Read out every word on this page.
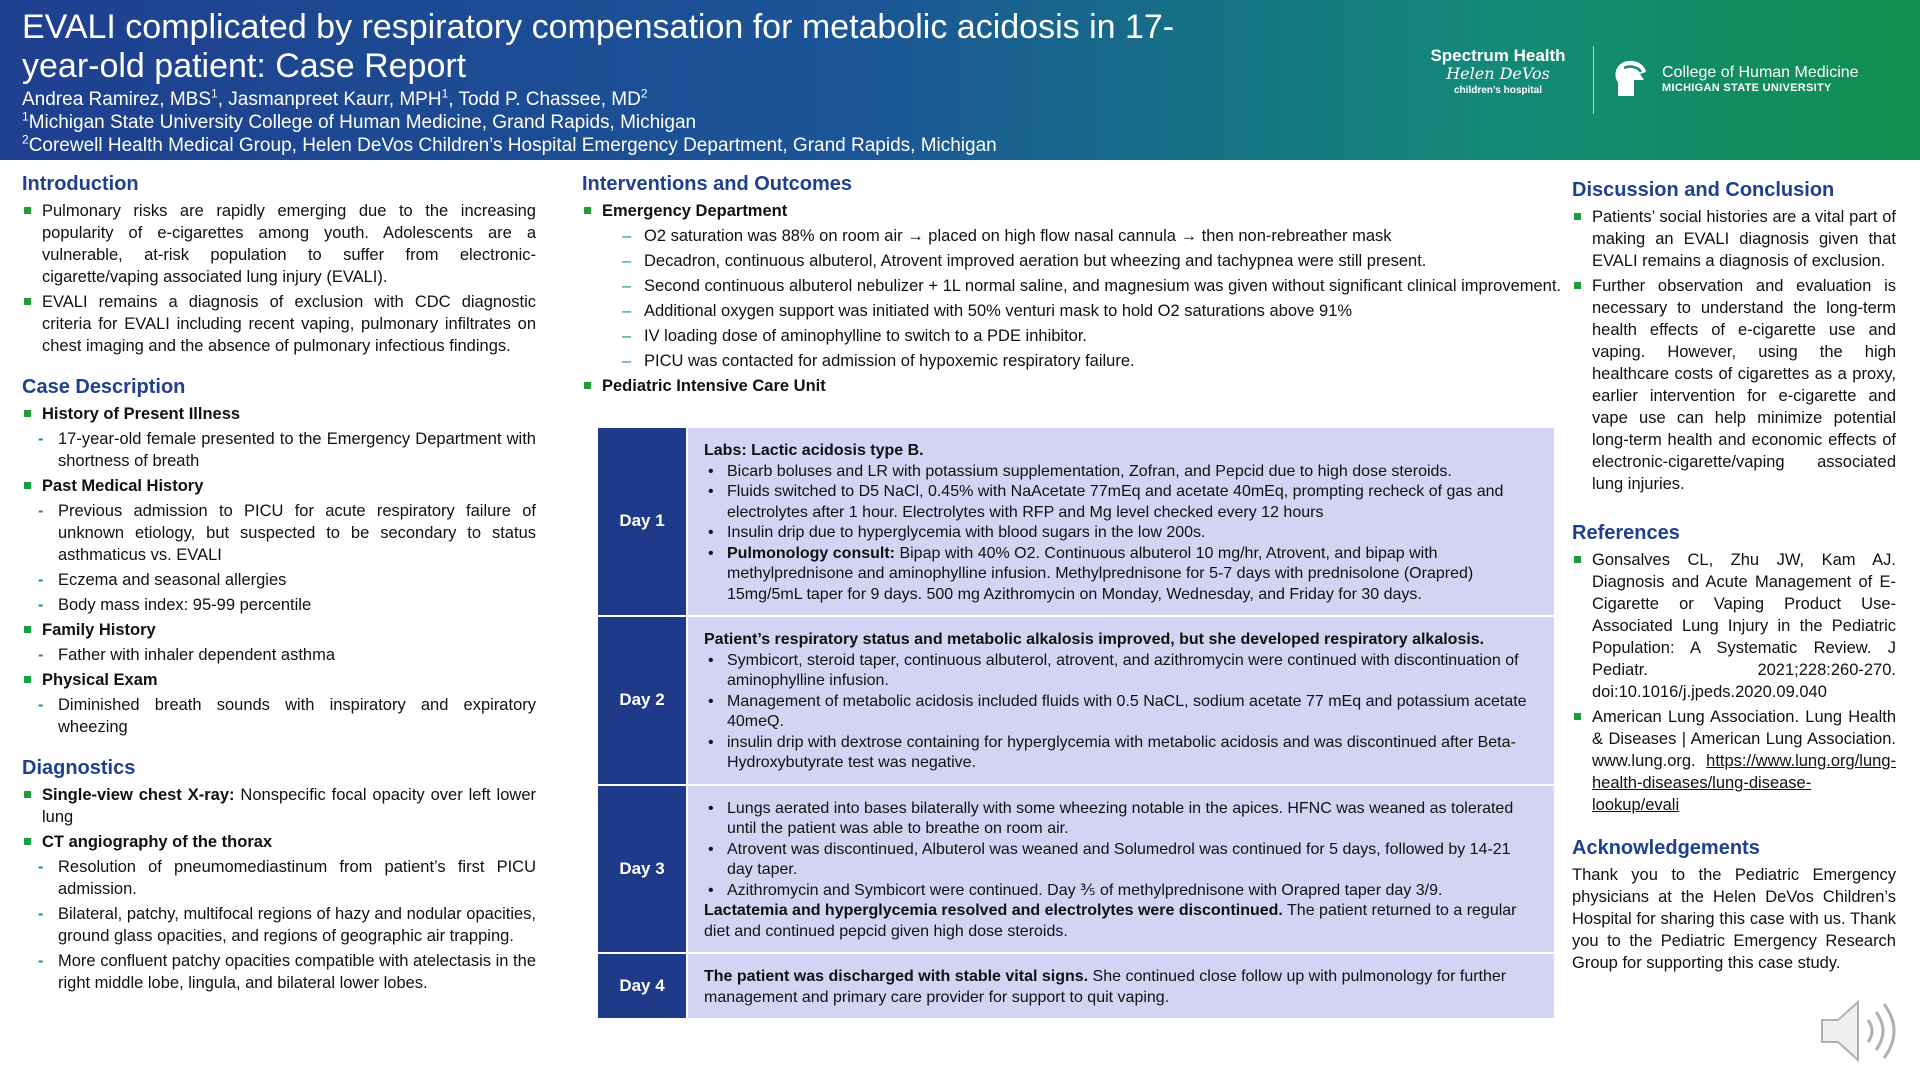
EVALI complicated by respiratory compensation for metabolic acidosis in 17-year-old patient: Case Report
Andrea Ramirez, MBS$^1$, Jasmanpreet Kaurr, MPH$^1$, Todd P. Chassee, $MD^2$
$^1$Michigan State University College of Human Medicine, Grand Rapids, Michigan
$^2$Corewell Health Medical Group, Helen DeVos Children’s Hospital Emergency Department, Grand Rapids, Michigan
Spectrum Health
Helen DeVos
children’s hospital
College of Human Medicine
MICHIGAN STATE UNIVERSITY
Introduction
Pulmonary risks are rapidly emerging due to the increasing popularity of e-cigarettes among youth. Adolescents are a vulnerable, at-risk population to suffer from electronic-cigarette/vaping associated lung injury (EVALI).
EVALI remains a diagnosis of exclusion with CDC diagnostic criteria for EVALI including recent vaping, pulmonary infiltrates on chest imaging and the absence of pulmonary infectious findings.
Case Description
History of Present Illness
- 17-year-old female presented to the Emergency Department with shortness of breath
Past Medical History
- Previous admission to PICU for acute respiratory failure of unknown etiology, but suspected to be secondary to status asthmaticus vs. EVALI
- Eczema and seasonal allergies
- Body mass index: 95-99 percentile
Family History
- Father with inhaler dependent asthma
Physical Exam
- Diminished breath sounds with inspiratory and expiratory wheezing
Diagnostics
Single-view chest X-ray: Nonspecific focal opacity over left lower lung
CT angiography of the thorax
- Resolution of pneumomediastinum from patient’s first PICU admission.
- Bilateral, patchy, multifocal regions of hazy and nodular opacities, ground glass opacities, and regions of geographic air trapping.
- More confluent patchy opacities compatible with atelectasis in the right middle lobe, lingula, and bilateral lower lobes.
Interventions and Outcomes
Emergency Department
– O2 saturation was 88% on room air → placed on high flow nasal cannula → then non-rebreather mask
– Decadron, continuous albuterol, Atrovent improved aeration but wheezing and tachypnea were still present.
– Second continuous albuterol nebulizer + 1L normal saline, and magnesium was given without significant clinical improvement.
– Additional oxygen support was initiated with 50% venturi mask to hold O2 saturations above 91%
– IV loading dose of aminophylline to switch to a PDE inhibitor.
– PICU was contacted for admission of hypoxemic respiratory failure.
Pediatric Intensive Care Unit
Day 1
Labs: Lactic acidosis type B.
• Bicarb boluses and LR with potassium supplementation, Zofran, and Pepcid due to high dose steroids.
• Fluids switched to D5 NaCl, 0.45% with NaAcetate 77mEq and acetate 40mEq, prompting recheck of gas and electrolytes after 1 hour. Electrolytes with RFP and Mg level checked every 12 hours
• Insulin drip due to hyperglycemia with blood sugars in the low 200s.
• Pulmonology consult: Bipap with 40% O2. Continuous albuterol 10 mg/hr, Atrovent, and bipap with methylprednisone and aminophylline infusion. Methylprednisone for 5-7 days with prednisolone (Orapred) 15mg/5mL taper for 9 days. 500 mg Azithromycin on Monday, Wednesday, and Friday for 30 days.
Day 2
Patient’s respiratory status and metabolic alkalosis improved, but she developed respiratory alkalosis.
• Symbicort, steroid taper, continuous albuterol, atrovent, and azithromycin were continued with discontinuation of aminophylline infusion.
• Management of metabolic acidosis included fluids with 0.5 NaCL, sodium acetate 77 mEq and potassium acetate 40meQ.
• insulin drip with dextrose containing for hyperglycemia with metabolic acidosis and was discontinued after Beta-Hydroxybutyrate test was negative.
Day 3
• Lungs aerated into bases bilaterally with some wheezing notable in the apices. HFNC was weaned as tolerated until the patient was able to breathe on room air.
• Atrovent was discontinued, Albuterol was weaned and Solumedrol was continued for 5 days, followed by 14-21 day taper.
• Azithromycin and Symbicort were continued. Day ⅗ of methylprednisone with Orapred taper day 3/9.
Lactatemia and hyperglycemia resolved and electrolytes were discontinued. The patient returned to a regular diet and continued pepcid given high dose steroids.
Day 4	The patient was discharged with stable vital signs. She continued close follow up with pulmonology for further management and primary care provider for support to quit vaping.
Discussion and Conclusion
Patients’ social histories are a vital part of making an EVALI diagnosis given that EVALI remains a diagnosis of exclusion.
Further observation and evaluation is necessary to understand the long-term health effects of e-cigarette use and vaping. However, using the high healthcare costs of cigarettes as a proxy, earlier intervention for e-cigarette and vape use can help minimize potential long-term health and economic effects of electronic-cigarette/vaping associated lung injuries.
References
Gonsalves CL, Zhu JW, Kam AJ. Diagnosis and Acute Management of E-Cigarette or Vaping Product Use-Associated Lung Injury in the Pediatric Population: A Systematic Review. J Pediatr. 2021;228:260-270. doi:10.1016/j.jpeds.2020.09.040
American Lung Association. Lung Health & Diseases | American Lung Association. www.lung.org. https://www.lung.org/lung-health-diseases/lung-disease-lookup/evali
Acknowledgements
Thank you to the Pediatric Emergency physicians at the Helen DeVos Children’s Hospital for sharing this case with us. Thank you to the Pediatric Emergency Research Group for supporting this case study.
